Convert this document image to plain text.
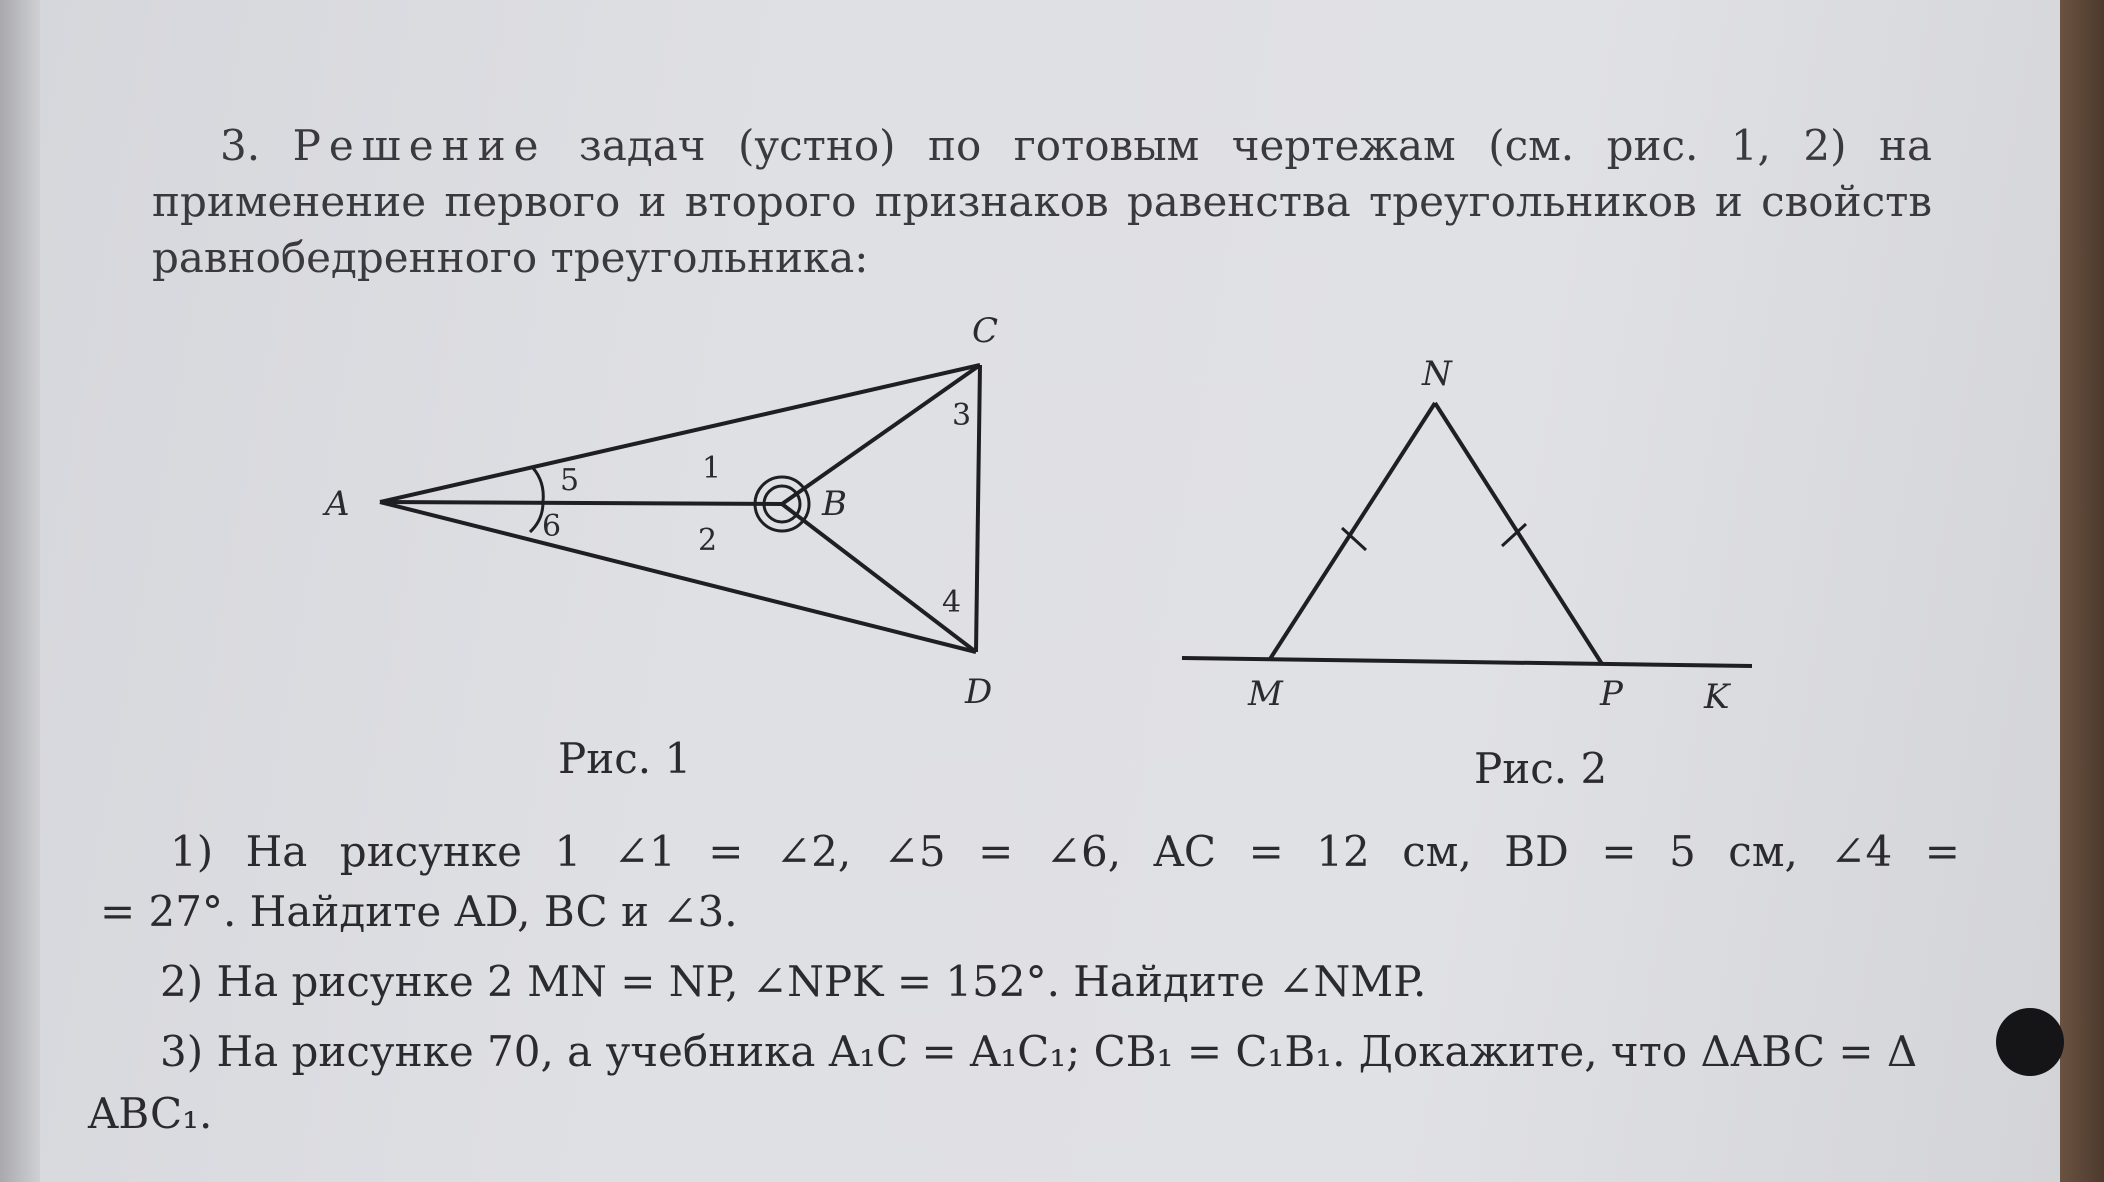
3. Решение задач (устно) по готовым чертежам (см. рис. 1, 2) на применение первого и второго признаков равенства треугольников и свойств равнобедренного треугольника:
A	B
C
D
1
2
3
4
5
6
N
M	P K
Рис. 1	Рис. 2
1) На рисунке 1 ∠1 = ∠2, ∠5 = ∠6, AC = 12 см, BD = 5 см, ∠4 =
= 27°. Найдите AD, BC и ∠3.
2) На рисунке 2 MN = NP, ∠NPK = 152°. Найдите ∠NMP.
3) На рисунке 70, а учебника A₁C = A₁C₁; CB₁ = C₁B₁. Докажите, что ΔABC = Δ
ABC₁.
